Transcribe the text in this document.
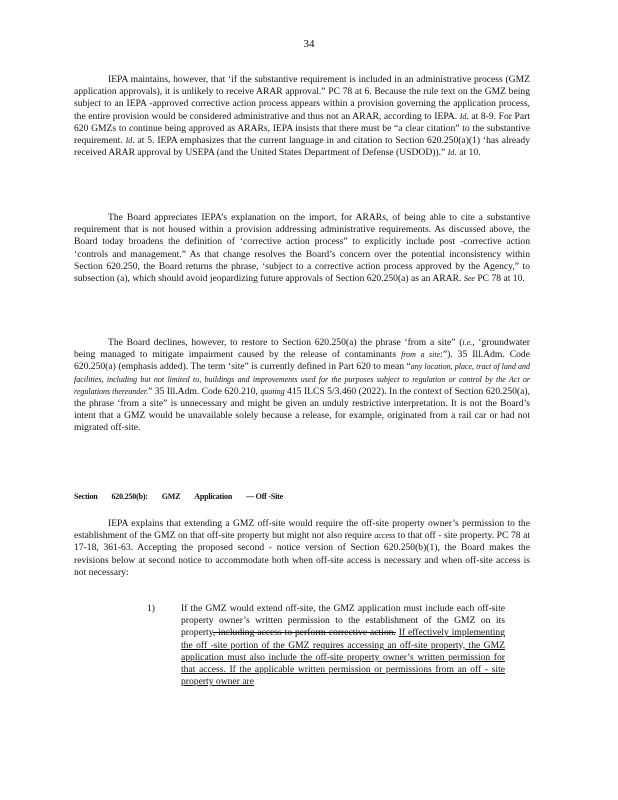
34

IEPA maintains, however, that ‘if the substantive requirement is included in an administrative process (GMZ application approvals), it is unlikely to receive ARAR approval.” PC 78 at 6. Because the rule text on the GMZ being subject to an IEPA -approved corrective action process appears within a provision governing the application process, the entire provision would be considered administrative and thus not an ARAR, according to IEPA. Id. at 8-9. For Part 620 GMZs to continue being approved as ARARs, IEPA insists that there must be “a clear citation” to the substantive requirement. Id. at 5. IEPA emphasizes that the current language in and citation to Section 620.250(a)(1) ‘has already received ARAR approval by USEPA (and the United States Department of Defense (USDOD)).” Id. at 10.

The Board appreciates IEPA’s explanation on the import, for ARARs, of being able to cite a substantive requirement that is not housed within a provision addressing administrative requirements. As discussed above, the Board today broadens the definition of ‘corrective action process” to explicitly include post -corrective action ‘controls and management.” As that change resolves the Board’s concern over the potential inconsistency within Section 620.250, the Board returns the phrase, ‘subject to a corrective action process approved by the Agency,” to subsection (a), which should avoid jeopardizing future approvals of Section 620.250(a) as an ARAR. See PC 78 at 10.

The Board declines, however, to restore to Section 620.250(a) the phrase ‘from a site” (i.e., ‘groundwater being managed to mitigate impairment caused by the release of contaminants from a site:”). 35 Ill.Adm. Code 620.250(a) (emphasis added). The term ‘site” is currently defined in Part 620 to mean “any location, place, tract of land and facilities, including but not limited to, buildings and improvements used for the purposes subject to regulation or control by the Act or regulations thereunder.” 35 Ill.Adm. Code 620.210, quoting 415 ILCS 5/3.460 (2022). In the context of Section 620.250(a), the phrase ‘from a site” is unnecessary and might be given an unduly restrictive interpretation. It is not the Board’s intent that a GMZ would be unavailable solely because a release, for example, originated from a rail car or had not migrated off-site.

Section 620.250(b): GMZ Application — Off -Site

IEPA explains that extending a GMZ off-site would require the off-site property owner’s permission to the establishment of the GMZ on that off-site property but might not also require access to that off - site property. PC 78 at 17-18, 361-63. Accepting the proposed second - notice version of Section 620.250(b)(1), the Board makes the revisions below at second notice to accommodate both when off-site access is necessary and when off-site access is not necessary:

1)	If the GMZ would extend off-site, the GMZ application must include each off-site property owner’s written permission to the establishment of the GMZ on its property, including access to perform corrective action. If effectively implementing the off -site portion of the GMZ requires accessing an off-site property, the GMZ application must also include the off-site property owner’s written permission for that access. If the applicable written permission or permissions from an off - site property owner are
